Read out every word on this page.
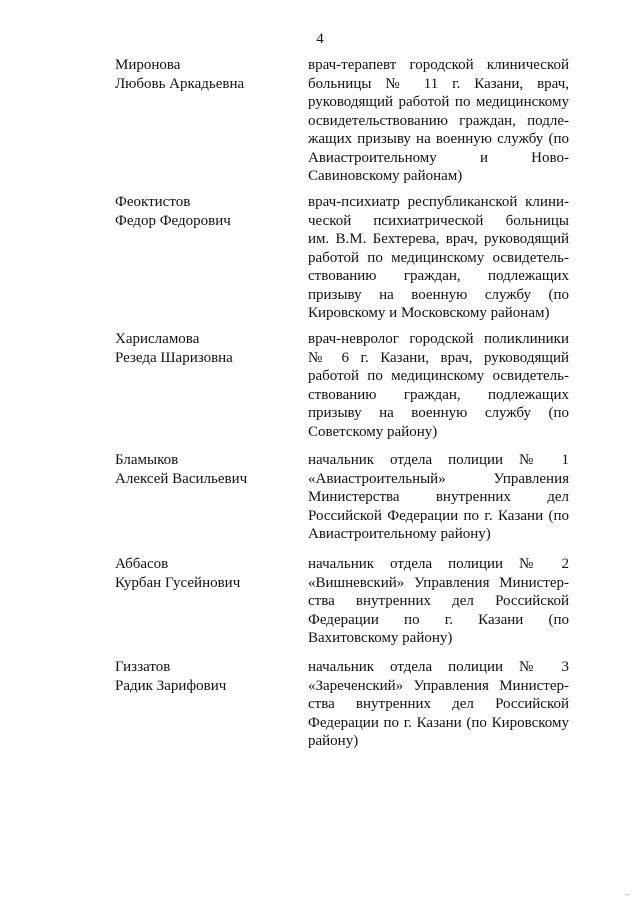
4
Миронова
Любовь Аркадьевна
врач-терапевт городской клинической
больницы № 11 г. Казани, врач,
руководящий работой по медицинскому
освидетельствованию граждан, подле-
жащих призыву на военную службу (по
Авиастроительному и Ново-
Савиновскому районам)
Феоктистов
Федор Федорович
врач-психиатр республиканской клини-
ческой психиатрической больницы
им. В.М. Бехтерева, врач, руководящий
работой по медицинскому освидетель-
ствованию граждан, подлежащих
призыву на военную службу (по
Кировскому и Московскому районам)
Харисламова
Резеда Шаризовна
врач-невролог городской поликлиники
№ 6 г. Казани, врач, руководящий
работой по медицинскому освидетель-
ствованию граждан, подлежащих
призыву на военную службу (по
Советскому району)
Бламыков
Алексей Васильевич
начальник отдела полиции № 1
«Авиастроительный» Управления
Министерства внутренних дел
Российской Федерации по г. Казани (по
Авиастроительному району)
Аббасов
Курбан Гусейнович
начальник отдела полиции № 2
«Вишневский» Управления Министер-
ства внутренних дел Российской
Федерации по г. Казани (по
Вахитовскому району)
Гиззатов
Радик Зарифович
начальник отдела полиции № 3
«Зареченский» Управления Министер-
ства внутренних дел Российской
Федерации по г. Казани (по Кировскому
району)
‐‐
